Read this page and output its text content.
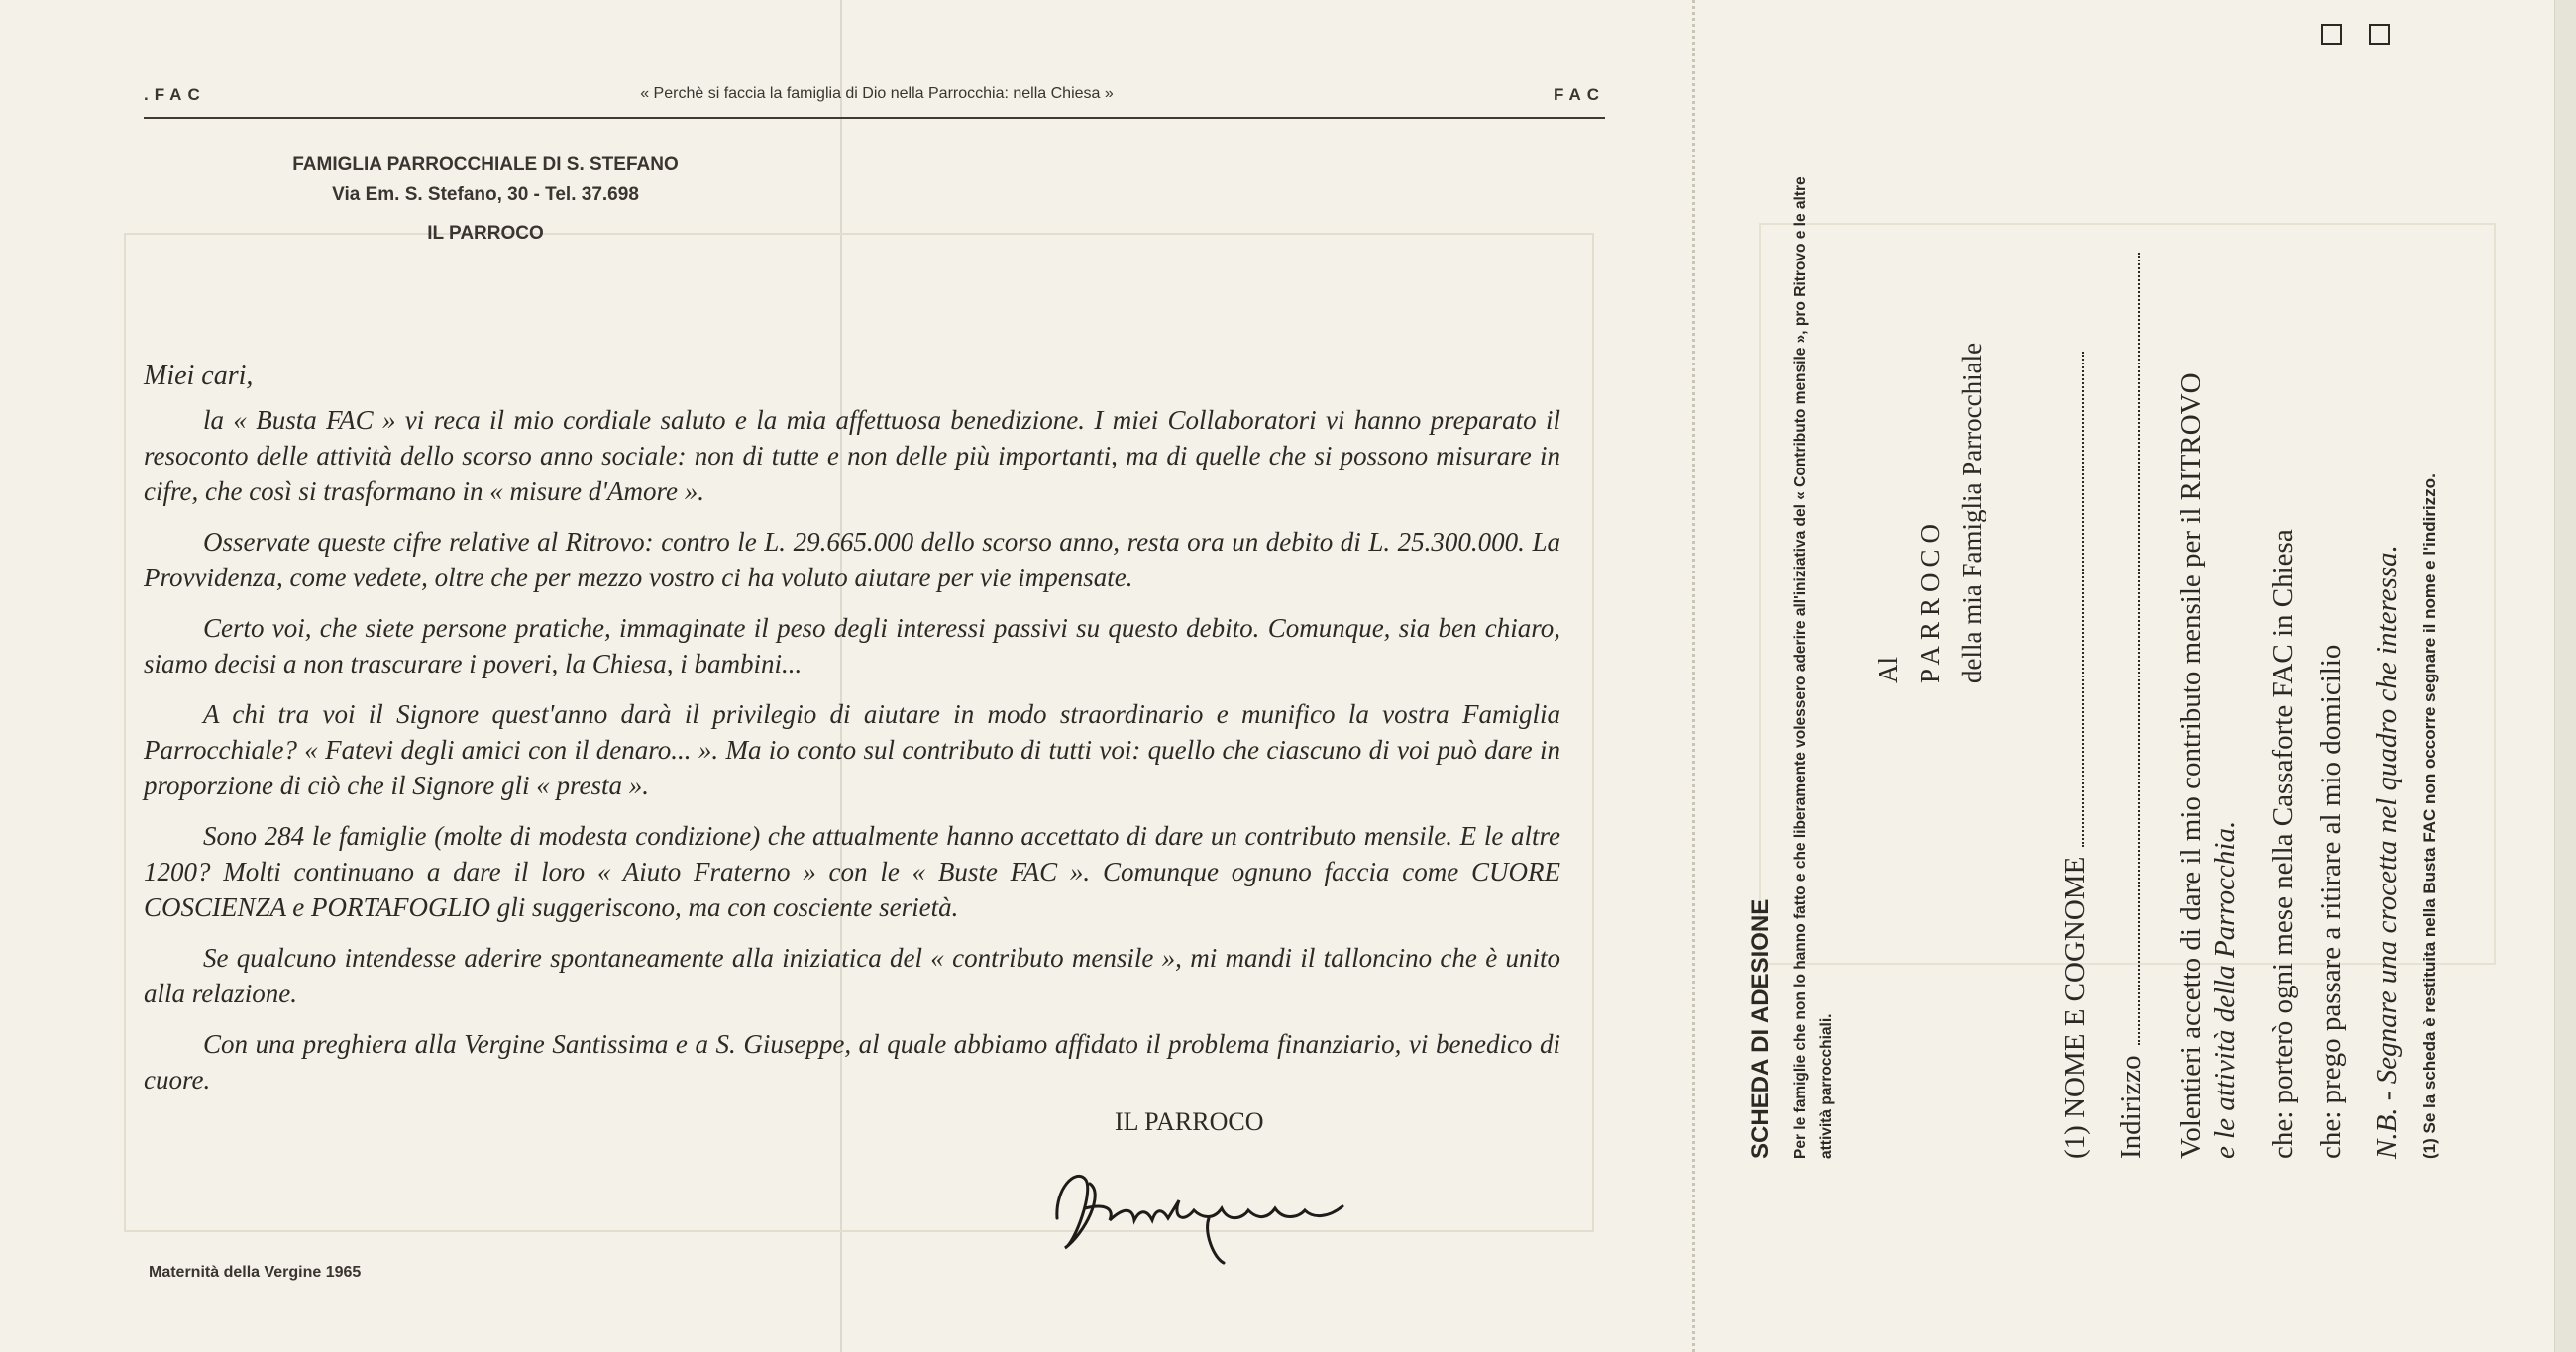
.FAC	« Perchè si faccia la famiglia di Dio nella Parrocchia: nella Chiesa »	FAC
FAMIGLIA PARROCCHIALE DI S. STEFANO
Via Em. S. Stefano, 30 - Tel. 37.698
IL PARROCO

Miei cari,

la « Busta FAC » vi reca il mio cordiale saluto e la mia affettuosa benedizione. I miei Collaboratori vi hanno preparato il resoconto delle attività dello scorso anno sociale: non di tutte e non delle più importanti, ma di quelle che si possono misurare in cifre, che così si trasformano in « misure d'Amore ».

Osservate queste cifre relative al Ritrovo: contro le L. 29.665.000 dello scorso anno, resta ora un debito di L. 25.300.000. La Provvidenza, come vedete, oltre che per mezzo vostro ci ha voluto aiutare per vie impensate.

Certo voi, che siete persone pratiche, immaginate il peso degli interessi passivi su questo debito. Comunque, sia ben chiaro, siamo decisi a non trascurare i poveri, la Chiesa, i bambini...

A chi tra voi il Signore quest'anno darà il privilegio di aiutare in modo straordinario e munifico la vostra Famiglia Parrocchiale? « Fatevi degli amici con il denaro... ». Ma io conto sul contributo di tutti voi: quello che ciascuno di voi può dare in proporzione di ciò che il Signore gli « presta ».

Sono 284 le famiglie (molte di modesta condizione) che attualmente hanno accettato di dare un contributo mensile. E le altre 1200? Molti continuano a dare il loro « Aiuto Fraterno » con le « Buste FAC ». Comunque ognuno faccia come CUORE COSCIENZA e PORTAFOGLIO gli suggeriscono, ma con cosciente serietà.

Se qualcuno intendesse aderire spontaneamente alla iniziatica del « contributo mensile », mi mandi il talloncino che è unito alla relazione.

Con una preghiera alla Vergine Santissima e a S. Giuseppe, al quale abbiamo affidato il problema finanziario, vi benedico di cuore.

IL PARROCO
Maternità della Vergine 1965
SCHEDA DI ADESIONE Per le famiglie che non lo hanno fatto e che liberamente volessero aderire all'iniziativa del « Contributo mensile », pro Ritrovo e le altre attività parrocchiali.
Al PARROCO della mia Famiglia Parrocchiale
(1) NOME E COGNOME Indirizzo Volentieri accetto di dare il mio contributo mensile per il RITROVO e le attività della Parrocchia. che: porterò ogni mese nella Cassaforte FAC in Chiesa che: prego passare a ritirare al mio domicilio N.B. - Segnare una crocetta nel quadro che interessa. (1) Se la scheda è restituita nella Busta FAC non occorre segnare il nome e l'indirizzo.
